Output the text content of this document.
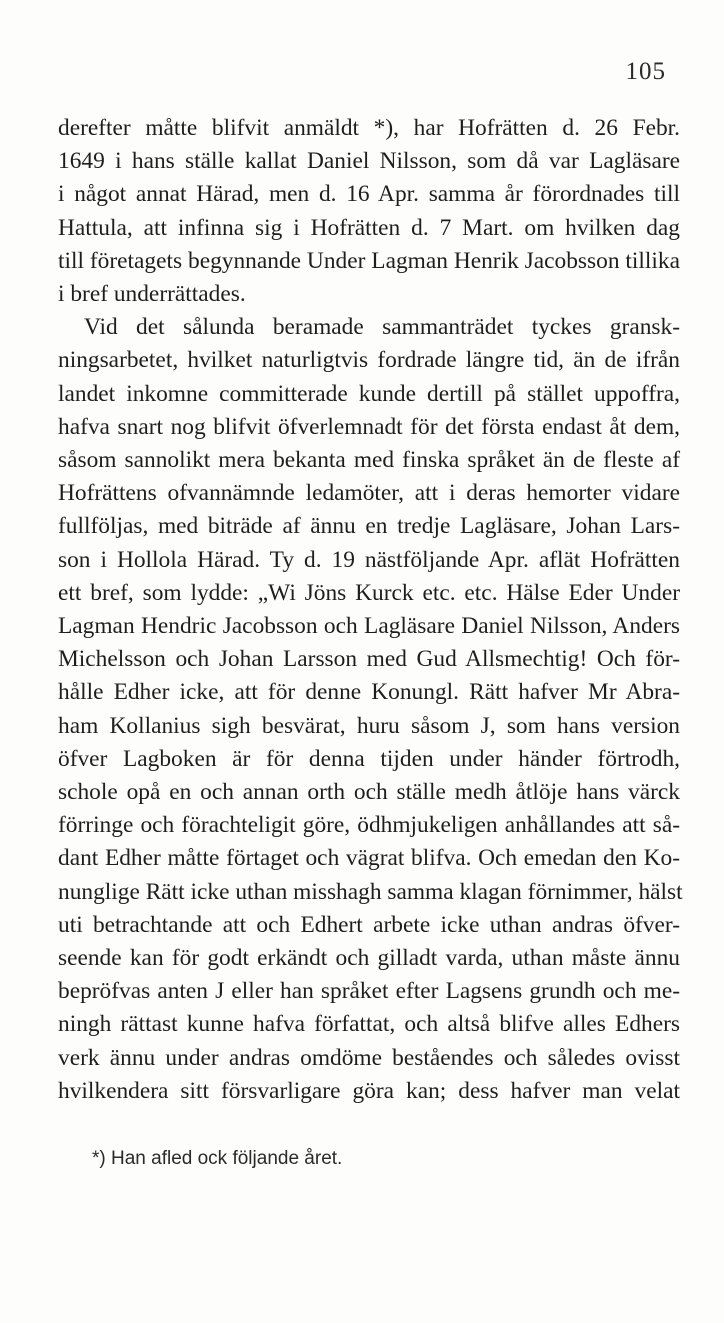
105
derefter måtte blifvit anmäldt *), har Hofrätten d. 26 Febr.
1649 i hans ställe kallat Daniel Nilsson, som då var Lagläsare
i något annat Härad, men d. 16 Apr. samma år förordnades till
Hattula, att infinna sig i Hofrätten d. 7 Mart. om hvilken dag
till företagets begynnande Under Lagman Henrik Jacobsson tillika
i bref underrättades.
Vid det sålunda beramade sammanträdet tyckes gransk-
ningsarbetet, hvilket naturligtvis fordrade längre tid, än de ifrån
landet inkomne committerade kunde dertill på stället uppoffra,
hafva snart nog blifvit öfverlemnadt för det första endast åt dem,
såsom sannolikt mera bekanta med finska språket än de fleste af
Hofrättens ofvannämnde ledamöter, att i deras hemorter vidare
fullföljas, med biträde af ännu en tredje Lagläsare, Johan Lars-
son i Hollola Härad. Ty d. 19 nästföljande Apr. aflät Hofrätten
ett bref, som lydde: „Wi Jöns Kurck etc. etc. Hälse Eder Under
Lagman Hendric Jacobsson och Lagläsare Daniel Nilsson, Anders
Michelsson och Johan Larsson med Gud Allsmechtig! Och för-
hålle Edher icke, att för denne Konungl. Rätt hafver Mr Abra-
ham Kollanius sigh besvärat, huru såsom J, som hans version
öfver Lagboken är för denna tijden under händer förtrodh,
schole opå en och annan orth och ställe medh åtlöje hans värck
förringe och förachteligit göre, ödhmjukeligen anhållandes att så-
dant Edher måtte förtaget och vägrat blifva. Och emedan den Ko-
nunglige Rätt icke uthan misshagh samma klagan förnimmer, hälst
uti betrachtande att och Edhert arbete icke uthan andras öfver-
seende kan för godt erkändt och gilladt varda, uthan måste ännu
bepröfvas anten J eller han språket efter Lagsens grundh och me-
ningh rättast kunne hafva författat, och altså blifve alles Edhers
verk ännu under andras omdöme beståendes och således ovisst
hvilkendera sitt försvarligare göra kan; dess hafver man velat
*) Han afled ock följande året.
